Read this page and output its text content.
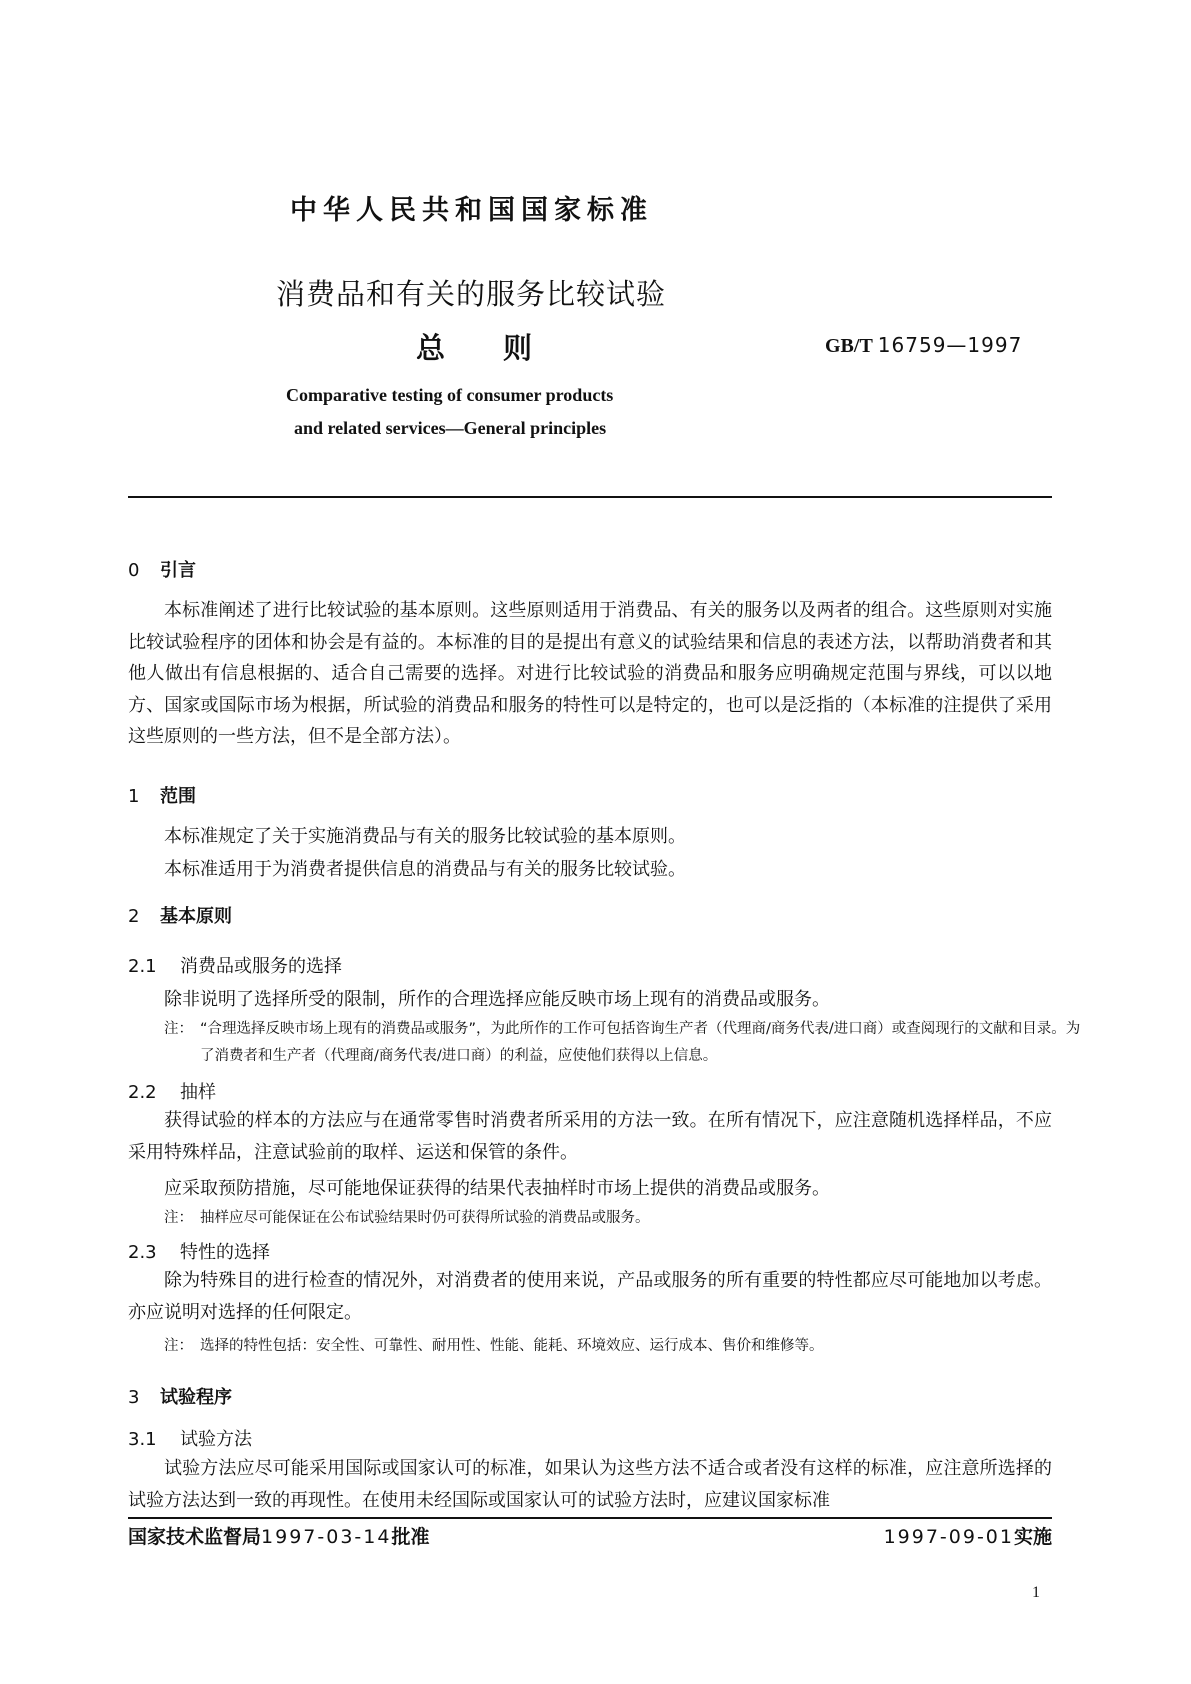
中华人民共和国国家标准
消费品和有关的服务比较试验
总则	GB/T 16759—1997
Comparative testing of consumer products
and related services—General principles
0 引言
本标准阐述了进行比较试验的基本原则。这些原则适用于消费品、有关的服务以及两者的组合。这些原则对实施比较试验程序的团体和协会是有益的。本标准的目的是提出有意义的试验结果和信息的表述方法，以帮助消费者和其他人做出有信息根据的、适合自己需要的选择。对进行比较试验的消费品和服务应明确规定范围与界线，可以以地方、国家或国际市场为根据，所试验的消费品和服务的特性可以是特定的，也可以是泛指的（本标准的注提供了采用这些原则的一些方法，但不是全部方法）。
1 范围
本标准规定了关于实施消费品与有关的服务比较试验的基本原则。
本标准适用于为消费者提供信息的消费品与有关的服务比较试验。
2 基本原则
2.1 消费品或服务的选择
除非说明了选择所受的限制，所作的合理选择应能反映市场上现有的消费品或服务。
注： “合理选择反映市场上现有的消费品或服务”，为此所作的工作可包括咨询生产者（代理商/商务代表/进口商）或查阅现行的文献和目录。为了消费者和生产者（代理商/商务代表/进口商）的利益，应使他们获得以上信息。
2.2 抽样
获得试验的样本的方法应与在通常零售时消费者所采用的方法一致。在所有情况下，应注意随机选择样品，不应采用特殊样品，注意试验前的取样、运送和保管的条件。
应采取预防措施，尽可能地保证获得的结果代表抽样时市场上提供的消费品或服务。
注： 抽样应尽可能保证在公布试验结果时仍可获得所试验的消费品或服务。
2.3 特性的选择
除为特殊目的进行检查的情况外，对消费者的使用来说，产品或服务的所有重要的特性都应尽可能地加以考虑。亦应说明对选择的任何限定。
注： 选择的特性包括：安全性、可靠性、耐用性、性能、能耗、环境效应、运行成本、售价和维修等。
3 试验程序
3.1 试验方法
试验方法应尽可能采用国际或国家认可的标准，如果认为这些方法不适合或者没有这样的标准，应注意所选择的试验方法达到一致的再现性。在使用未经国际或国家认可的试验方法时，应建议国家标准
国家技术监督局1997-03-14批准	1997-09-01实施
1
